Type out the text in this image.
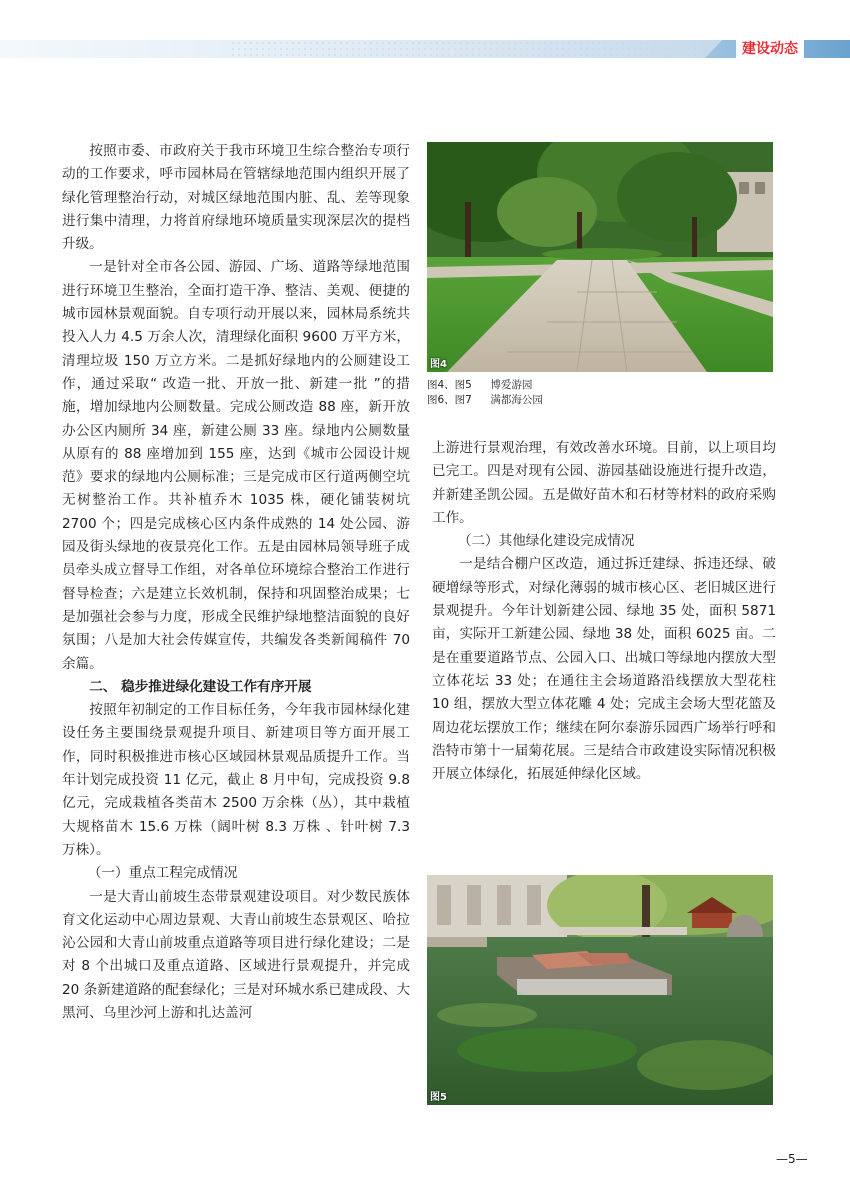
建设动态

按照市委、市政府关于我市环境卫生综合整治专项行动的工作要求，呼市园林局在管辖绿地范围内组织开展了绿化管理整治行动，对城区绿地范围内脏、乱、差等现象进行集中清理，力将首府绿地环境质量实现深层次的提档升级。

一是针对全市各公园、游园、广场、道路等绿地范围进行环境卫生整治，全面打造干净、整洁、美观、便捷的城市园林景观面貌。自专项行动开展以来，园林局系统共投入人力 4.5 万余人次，清理绿化面积 9600 万平方米，清理垃圾 150 万立方米。二是抓好绿地内的公厕建设工作，通过采取“ 改造一批、开放一批、新建一批 ”的措施，增加绿地内公厕数量。完成公厕改造 88 座，新开放办公区内厕所 34 座，新建公厕 33 座。绿地内公厕数量从原有的 88 座增加到 155 座，达到《城市公园设计规范》要求的绿地内公厕标准；三是完成市区行道两侧空坑无树整治工作。共补植乔木 1035 株，硬化铺装树坑 2700 个；四是完成核心区内条件成熟的 14 处公园、游园及街头绿地的夜景亮化工作。五是由园林局领导班子成员牵头成立督导工作组，对各单位环境综合整治工作进行督导检查；六是建立长效机制，保持和巩固整治成果；七是加强社会参与力度，形成全民维护绿地整洁面貌的良好氛围；八是加大社会传媒宣传，共编发各类新闻稿件 70 余篇。

二、 稳步推进绿化建设工作有序开展

按照年初制定的工作目标任务，今年我市园林绿化建设任务主要围绕景观提升项目、新建项目等方面开展工作，同时积极推进市核心区域园林景观品质提升工作。当年计划完成投资 11 亿元，截止 8 月中旬，完成投资 9.8 亿元，完成栽植各类苗木 2500 万余株（丛），其中栽植大规格苗木 15.6 万株（阔叶树 8.3 万株 、针叶树 7.3 万株）。

（一）重点工程完成情况

一是大青山前坡生态带景观建设项目。对少数民族体育文化运动中心周边景观、大青山前坡生态景观区、哈拉沁公园和大青山前坡重点道路等项目进行绿化建设；二是对 8 个出城口及重点道路、区域进行景观提升，并完成 20 条新建道路的配套绿化；三是对环城水系已建成段、大黑河、乌里沙河上游和扎达盖河

图4
图4、图5 博爱游园
图6、图7 满都海公园

上游进行景观治理，有效改善水环境。目前，以上项目均已完工。四是对现有公园、游园基础设施进行提升改造，并新建圣凯公园。五是做好苗木和石材等材料的政府采购工作。

（二）其他绿化建设完成情况

一是结合棚户区改造，通过拆迁建绿、拆违还绿、破硬增绿等形式，对绿化薄弱的城市核心区、老旧城区进行景观提升。今年计划新建公园、绿地 35 处，面积 5871 亩，实际开工新建公园、绿地 38 处，面积 6025 亩。二是在重要道路节点、公园入口、出城口等绿地内摆放大型立体花坛 33 处；在通往主会场道路沿线摆放大型花柱 10 组，摆放大型立体花雕 4 处；完成主会场大型花篮及周边花坛摆放工作；继续在阿尔泰游乐园西广场举行呼和浩特市第十一届菊花展。三是结合市政建设实际情况积极开展立体绿化，拓展延伸绿化区域。

图5
—5—
